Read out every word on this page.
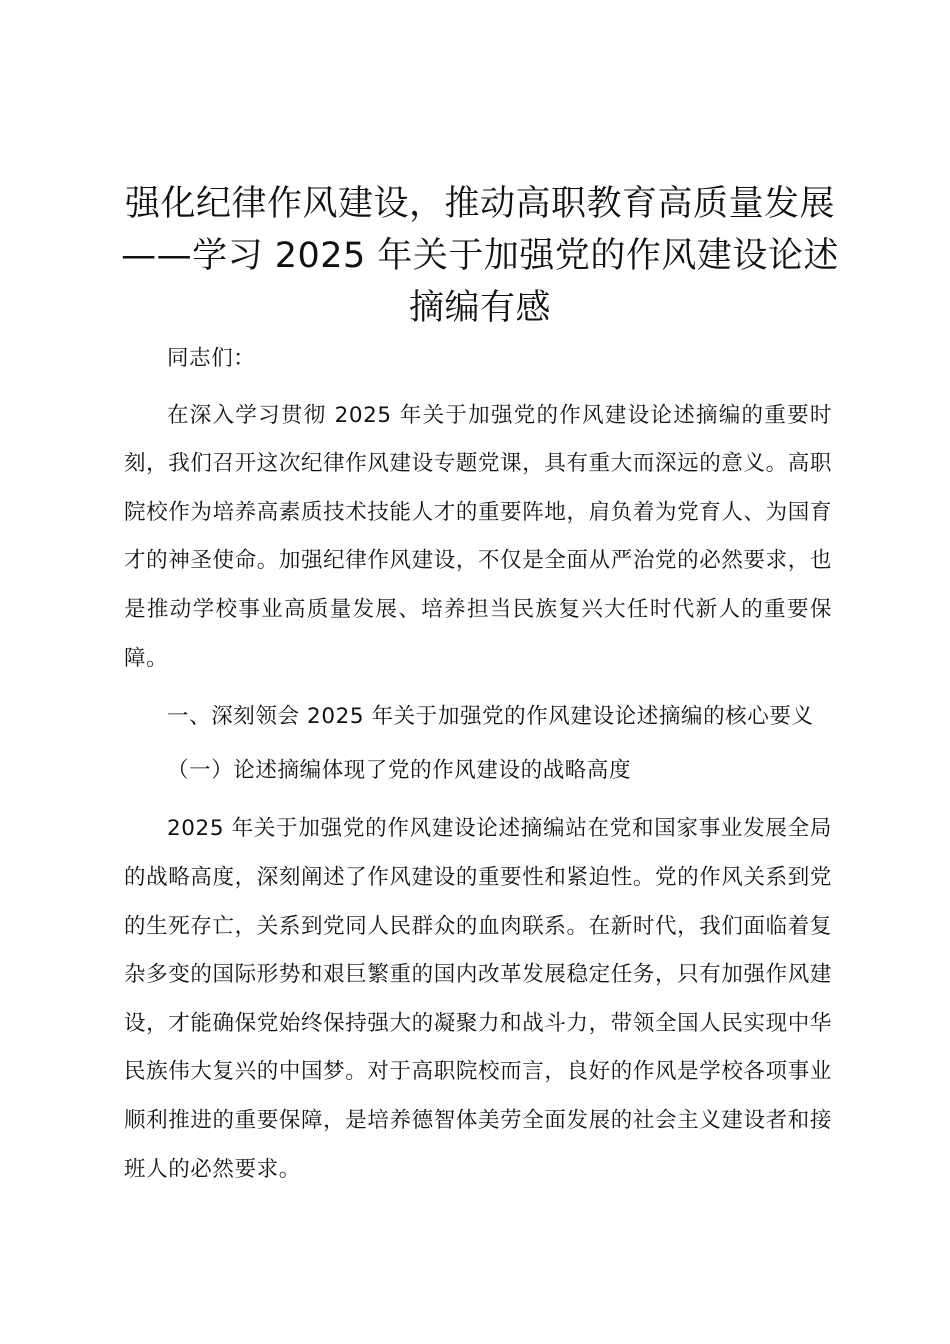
强化纪律作风建设，推动高职教育高质量发展
——学习 2025 年关于加强党的作风建设论述
摘编有感

同志们：

在深入学习贯彻 2025 年关于加强党的作风建设论述摘编的重要时刻，我们召开这次纪律作风建设专题党课，具有重大而深远的意义。高职院校作为培养高素质技术技能人才的重要阵地，肩负着为党育人、为国育才的神圣使命。加强纪律作风建设，不仅是全面从严治党的必然要求，也是推动学校事业高质量发展、培养担当民族复兴大任时代新人的重要保障。

一、深刻领会 2025 年关于加强党的作风建设论述摘编的核心要义

（一）论述摘编体现了党的作风建设的战略高度

2025 年关于加强党的作风建设论述摘编站在党和国家事业发展全局的战略高度，深刻阐述了作风建设的重要性和紧迫性。党的作风关系到党的生死存亡，关系到党同人民群众的血肉联系。在新时代，我们面临着复杂多变的国际形势和艰巨繁重的国内改革发展稳定任务，只有加强作风建设，才能确保党始终保持强大的凝聚力和战斗力，带领全国人民实现中华民族伟大复兴的中国梦。对于高职院校而言，良好的作风是学校各项事业顺利推进的重要保障，是培养德智体美劳全面发展的社会主义建设者和接班人的必然要求。
